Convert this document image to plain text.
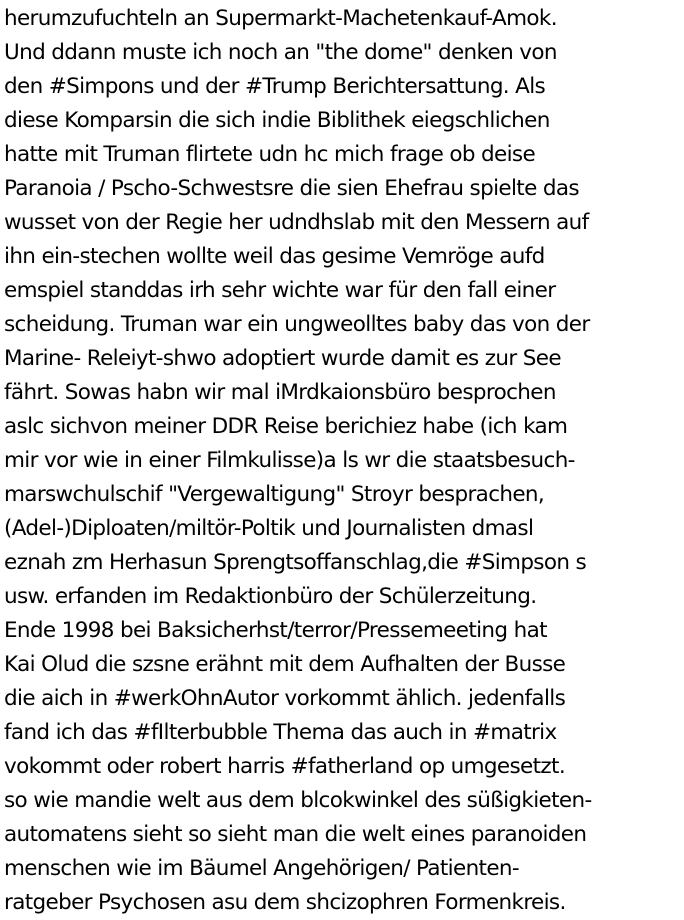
herumzufuchteln an Supermarkt-Machetenkauf-Amok.
Und ddann muste ich noch an "the dome" denken von
den #Simpons und der #Trump Berichtersattung. Als
diese Komparsin die sich indie Biblithek eiegschlichen
hatte mit Truman flirtete udn hc mich frage ob deise
Paranoia / Pscho-Schwestsre die sien Ehefrau spielte das
wusset von der Regie her udndhslab mit den Messern auf
ihn ein-stechen wollte weil das gesime Vemröge aufd
emspiel standdas irh sehr wichte war für den fall einer
scheidung. Truman war ein ungweolltes baby das von der
Marine- Releiyt-shwo adoptiert wurde damit es zur See
fährt. Sowas habn wir mal iMrdkaionsbüro besprochen
aslc sichvon meiner DDR Reise berichiez habe (ich kam
mir vor wie in einer Filmkulisse)a ls wr die staatsbesuch-
marswchulschif "Vergewaltigung" Stroyr besprachen,
(Adel-)Diploaten/miltör-Poltik und Journalisten dmasl
eznah zm Herhasun Sprengtsoffanschlag,die #Simpson s
usw. erfanden im Redaktionbüro der Schülerzeitung.
Ende 1998 bei Baksicherhst/terror/Pressemeeting hat
Kai Olud die szsne erähnt mit dem Aufhalten der Busse
die aich in #werkOhnAutor vorkommt ählich. jedenfalls
fand ich das #fIlterbubble Thema das auch in #matrix
vokommt oder robert harris #fatherland op umgesetzt.
so wie mandie welt aus dem blcokwinkel des süßigkieten-
automatens sieht so sieht man die welt eines paranoiden
menschen wie im Bäumel Angehörigen/ Patienten-
ratgeber Psychosen asu dem shcizophren Formenkreis.
